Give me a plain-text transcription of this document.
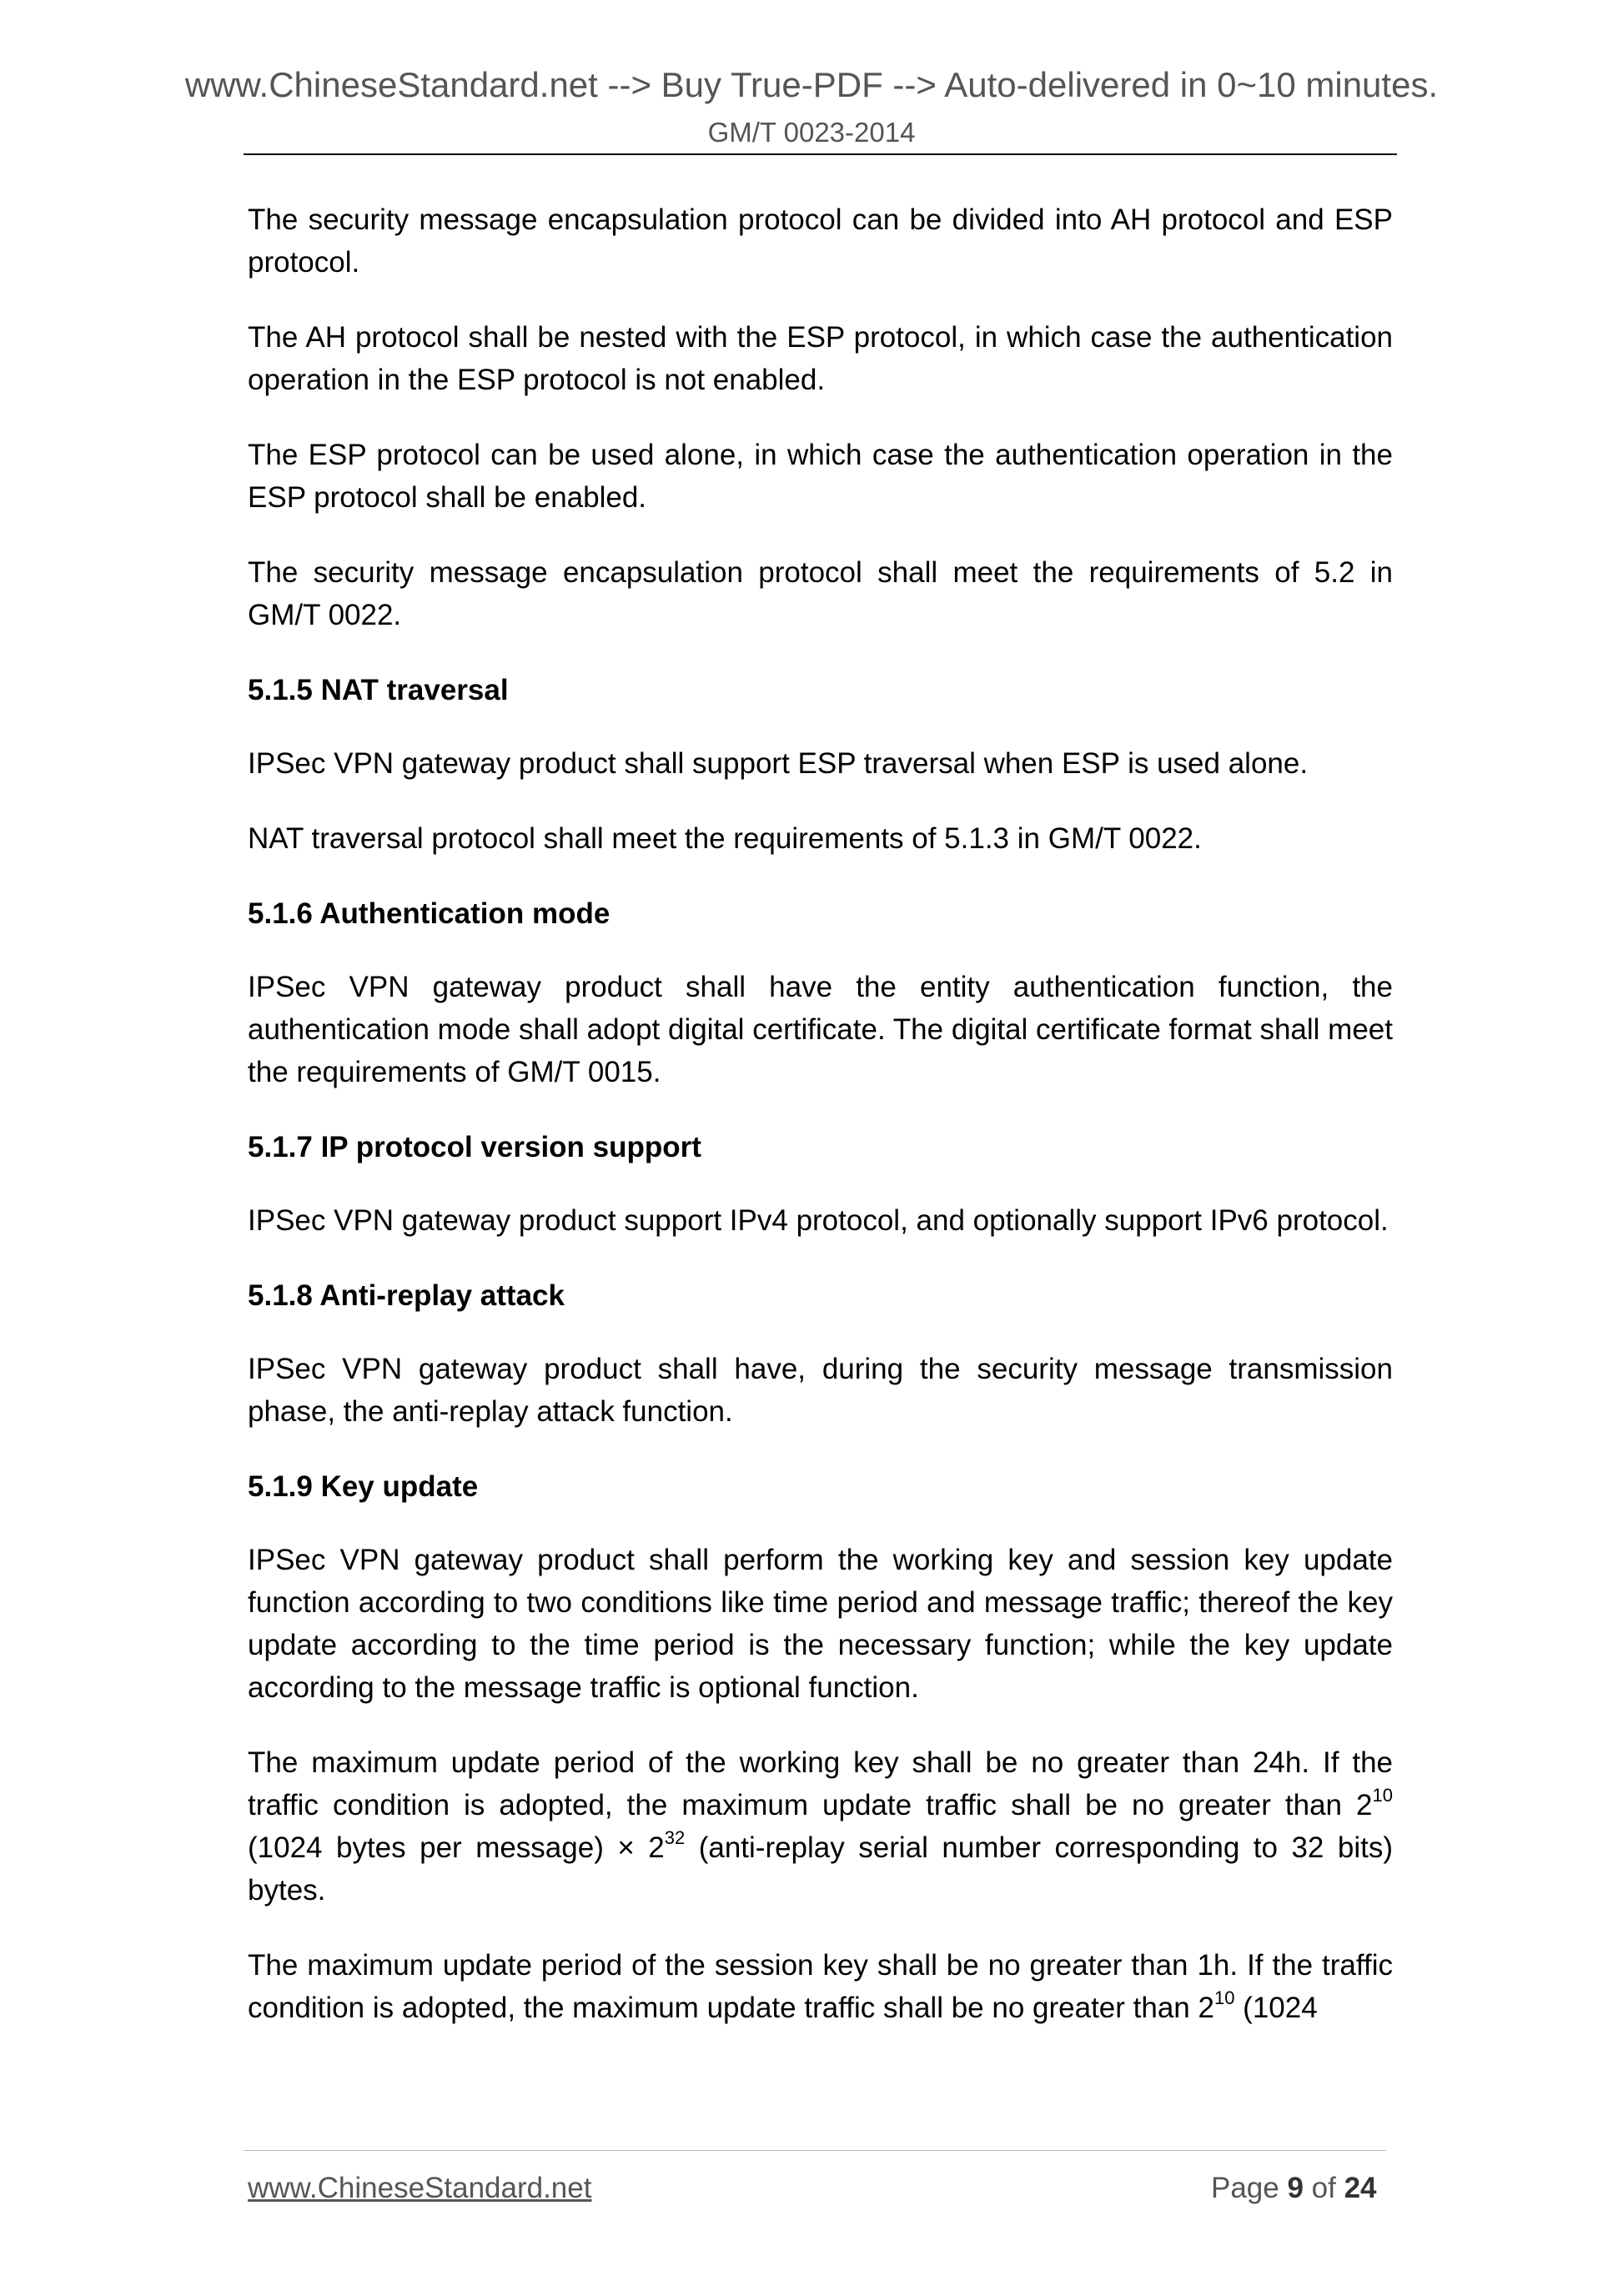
www.ChineseStandard.net --> Buy True-PDF --> Auto-delivered in 0~10 minutes.
GM/T 0023-2014

The security message encapsulation protocol can be divided into AH protocol and ESP protocol.

The AH protocol shall be nested with the ESP protocol, in which case the authentication operation in the ESP protocol is not enabled.

The ESP protocol can be used alone, in which case the authentication operation in the ESP protocol shall be enabled.

The security message encapsulation protocol shall meet the requirements of 5.2 in GM/T 0022.

5.1.5 NAT traversal

IPSec VPN gateway product shall support ESP traversal when ESP is used alone.

NAT traversal protocol shall meet the requirements of 5.1.3 in GM/T 0022.

5.1.6 Authentication mode

IPSec VPN gateway product shall have the entity authentication function, the authentication mode shall adopt digital certificate. The digital certificate format shall meet the requirements of GM/T 0015.

5.1.7 IP protocol version support

IPSec VPN gateway product support IPv4 protocol, and optionally support IPv6 protocol.

5.1.8 Anti-replay attack

IPSec VPN gateway product shall have, during the security message transmission phase, the anti-replay attack function.

5.1.9 Key update

IPSec VPN gateway product shall perform the working key and session key update function according to two conditions like time period and message traffic; thereof the key update according to the time period is the necessary function; while the key update according to the message traffic is optional function.

The maximum update period of the working key shall be no greater than 24h. If the traffic condition is adopted, the maximum update traffic shall be no greater than $2^{10}$ (1024 bytes per message) × $2^{32}$ (anti-replay serial number corresponding to 32 bits) bytes.

The maximum update period of the session key shall be no greater than 1h. If the traffic condition is adopted, the maximum update traffic shall be no greater than $2^{10}$ (1024

www.ChineseStandard.net	Page 9 of 24
